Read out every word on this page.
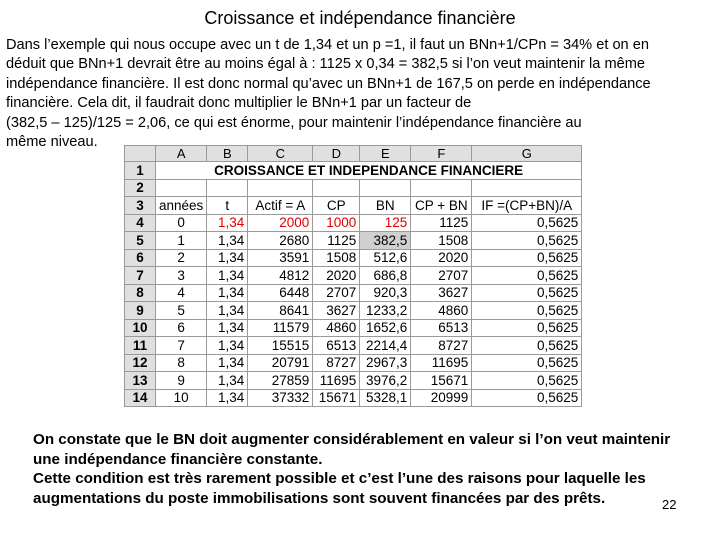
Croissance et indépendance financière
Dans l’exemple qui nous occupe avec un t de 1,34 et un p =1, il faut un BNn+1/CPn = 34% et on en
déduit que BNn+1 devrait être au moins égal à : 1125 x 0,34 = 382,5 si l’on veut maintenir la même
indépendance financière. Il est donc normal qu’avec un BNn+1 de 167,5 on perde en indépendance
financière. Cela dit, il faudrait donc multiplier le BNn+1 par un facteur de
(382,5 – 125)/125 = 2,06, ce qui est énorme, pour maintenir l’indépendance financière au
même niveau.
	A	B	C	D	E	F	G
1	CROISSANCE ET INDEPENDANCE FINANCIERE						
2							
3	années	t	Actif = A	CP	BN	CP + BN	IF =(CP+BN)/A
4	0	1,34	2000	1000	125	1125	0,5625
5	1	1,34	2680	1125	382,5	1508	0,5625
6	2	1,34	3591	1508	512,6	2020	0,5625
7	3	1,34	4812	2020	686,8	2707	0,5625
8	4	1,34	6448	2707	920,3	3627	0,5625
9	5	1,34	8641	3627	1233,2	4860	0,5625
10	6	1,34	11579	4860	1652,6	6513	0,5625
11	7	1,34	15515	6513	2214,4	8727	0,5625
12	8	1,34	20791	8727	2967,3	11695	0,5625
13	9	1,34	27859	11695	3976,2	15671	0,5625
14	10	1,34	37332	15671	5328,1	20999	0,5625
On constate que le BN doit augmenter considérablement en valeur si l’on veut maintenir
une indépendance financière constante.
Cette condition est très rarement possible et c’est l’une des raisons pour laquelle les
augmentations du poste immobilisations sont souvent financées par des prêts.	22
